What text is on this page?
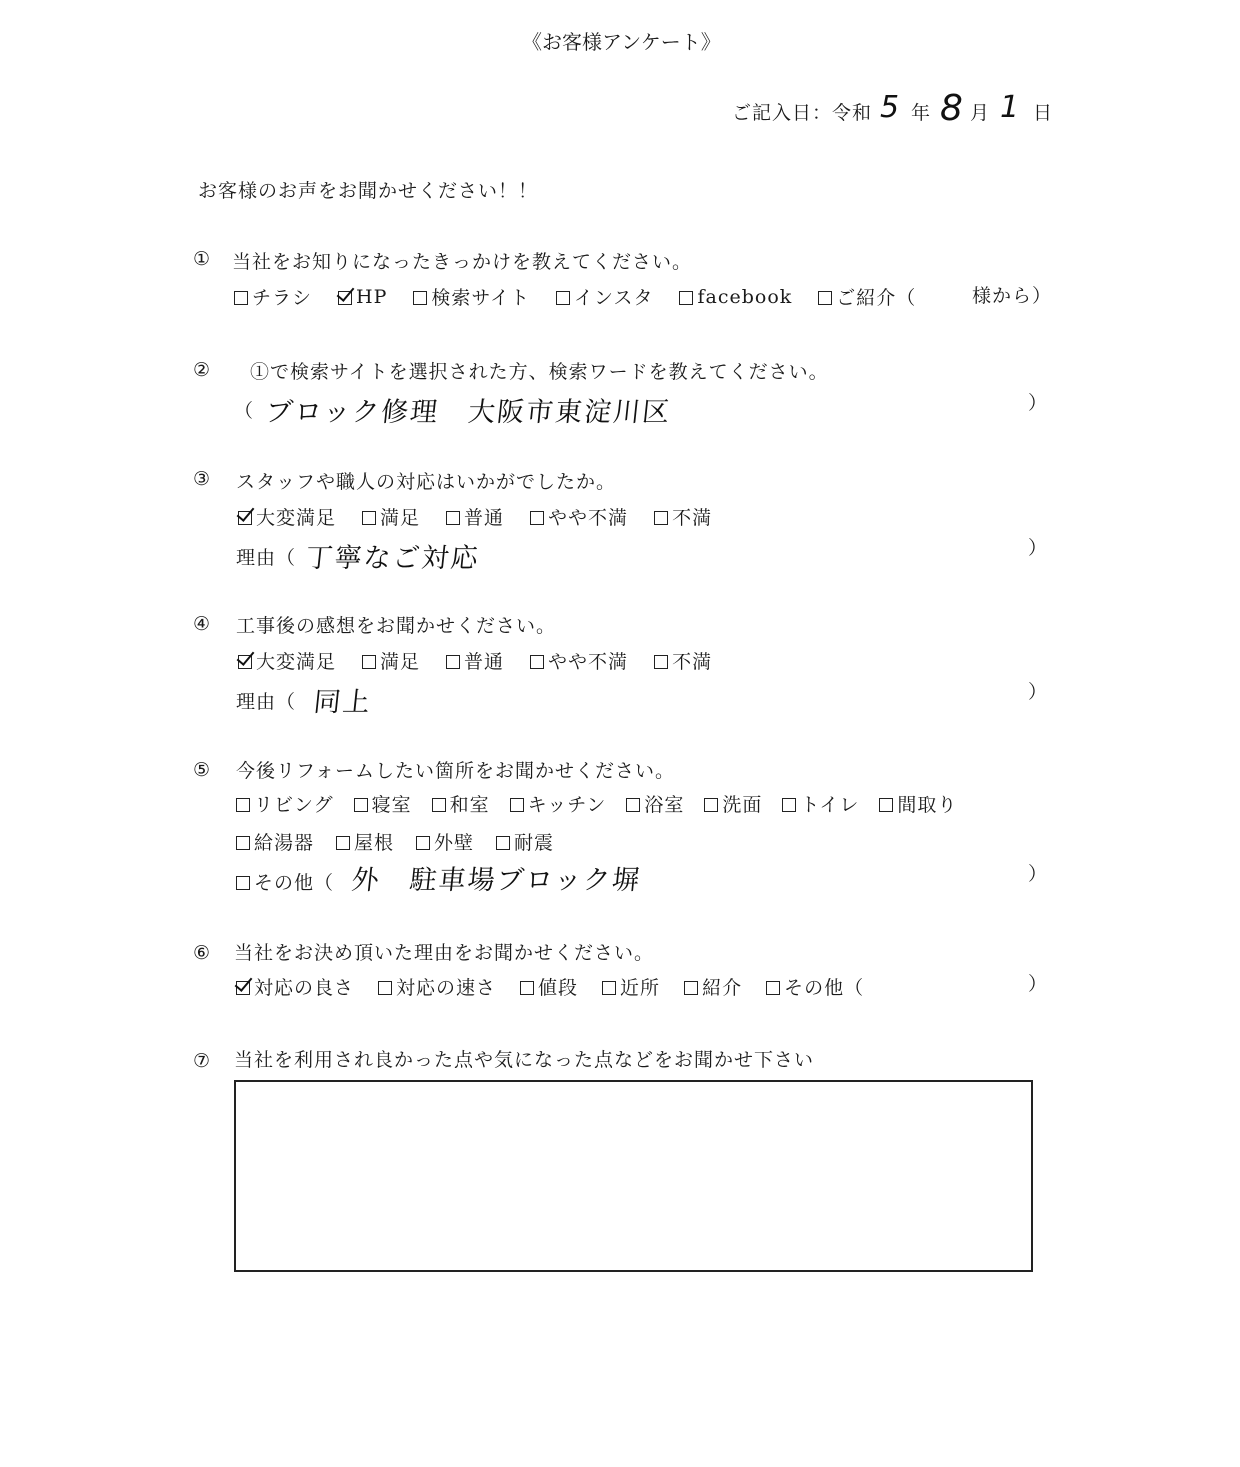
《お客様アンケート》
ご記入日：令和 5 年 8 月 1 日
お客様のお声をお聞かせください！！
① 当社をお知りになったきっかけを教えてください。
チラシ HP 検索サイト インスタ facebook ご紹介（	様から）
② ①で検索サイトを選択された方、検索ワードを教えてください。
（ ブロック修理　大阪市東淀川区	）
③ スタッフや職人の対応はいかがでしたか。
大変満足 満足 普通 やや不満 不満
理由（ 丁寧なご対応	）
④ 工事後の感想をお聞かせください。
大変満足 満足 普通 やや不満 不満
理由（ 同上	）
⑤ 今後リフォームしたい箇所をお聞かせください。
リビング 寝室 和室 キッチン 浴室 洗面 トイレ 間取り
給湯器 屋根 外壁 耐震
その他（ 外　駐車場ブロック塀	）
⑥ 当社をお決め頂いた理由をお聞かせください。
対応の良さ 対応の速さ 値段 近所 紹介 その他（	）
⑦ 当社を利用され良かった点や気になった点などをお聞かせ下さい
